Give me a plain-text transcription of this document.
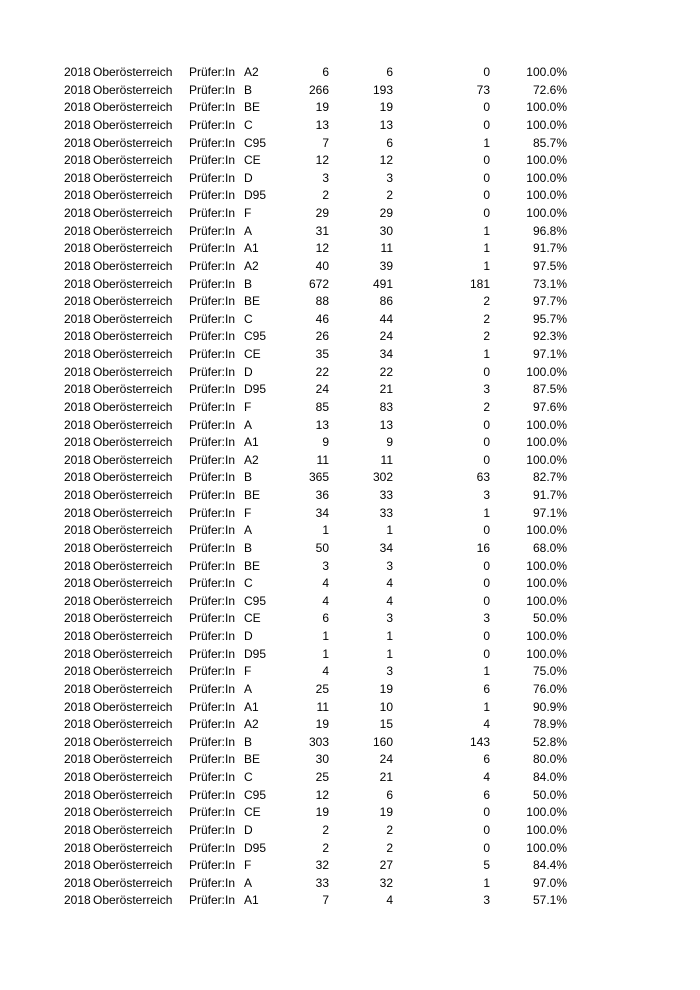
2018 Oberösterreich Prüfer:In A2	6	6	0	100.0%
2018 Oberösterreich Prüfer:In B	266	193	73	72.6%
2018 Oberösterreich Prüfer:In BE	19	19	0	100.0%
2018 Oberösterreich Prüfer:In C	13	13	0	100.0%
2018 Oberösterreich Prüfer:In C95	7	6	1	85.7%
2018 Oberösterreich Prüfer:In CE	12	12	0	100.0%
2018 Oberösterreich Prüfer:In D	3	3	0	100.0%
2018 Oberösterreich Prüfer:In D95	2	2	0	100.0%
2018 Oberösterreich Prüfer:In F	29	29	0	100.0%
2018 Oberösterreich Prüfer:In A	31	30	1	96.8%
2018 Oberösterreich Prüfer:In A1	12	11	1	91.7%
2018 Oberösterreich Prüfer:In A2	40	39	1	97.5%
2018 Oberösterreich Prüfer:In B	672	491	181	73.1%
2018 Oberösterreich Prüfer:In BE	88	86	2	97.7%
2018 Oberösterreich Prüfer:In C	46	44	2	95.7%
2018 Oberösterreich Prüfer:In C95	26	24	2	92.3%
2018 Oberösterreich Prüfer:In CE	35	34	1	97.1%
2018 Oberösterreich Prüfer:In D	22	22	0	100.0%
2018 Oberösterreich Prüfer:In D95	24	21	3	87.5%
2018 Oberösterreich Prüfer:In F	85	83	2	97.6%
2018 Oberösterreich Prüfer:In A	13	13	0	100.0%
2018 Oberösterreich Prüfer:In A1	9	9	0	100.0%
2018 Oberösterreich Prüfer:In A2	11	11	0	100.0%
2018 Oberösterreich Prüfer:In B	365	302	63	82.7%
2018 Oberösterreich Prüfer:In BE	36	33	3	91.7%
2018 Oberösterreich Prüfer:In F	34	33	1	97.1%
2018 Oberösterreich Prüfer:In A	1	1	0	100.0%
2018 Oberösterreich Prüfer:In B	50	34	16	68.0%
2018 Oberösterreich Prüfer:In BE	3	3	0	100.0%
2018 Oberösterreich Prüfer:In C	4	4	0	100.0%
2018 Oberösterreich Prüfer:In C95	4	4	0	100.0%
2018 Oberösterreich Prüfer:In CE	6	3	3	50.0%
2018 Oberösterreich Prüfer:In D	1	1	0	100.0%
2018 Oberösterreich Prüfer:In D95	1	1	0	100.0%
2018 Oberösterreich Prüfer:In F	4	3	1	75.0%
2018 Oberösterreich Prüfer:In A	25	19	6	76.0%
2018 Oberösterreich Prüfer:In A1	11	10	1	90.9%
2018 Oberösterreich Prüfer:In A2	19	15	4	78.9%
2018 Oberösterreich Prüfer:In B	303	160	143	52.8%
2018 Oberösterreich Prüfer:In BE	30	24	6	80.0%
2018 Oberösterreich Prüfer:In C	25	21	4	84.0%
2018 Oberösterreich Prüfer:In C95	12	6	6	50.0%
2018 Oberösterreich Prüfer:In CE	19	19	0	100.0%
2018 Oberösterreich Prüfer:In D	2	2	0	100.0%
2018 Oberösterreich Prüfer:In D95	2	2	0	100.0%
2018 Oberösterreich Prüfer:In F	32	27	5	84.4%
2018 Oberösterreich Prüfer:In A	33	32	1	97.0%
2018 Oberösterreich Prüfer:In A1	7	4	3	57.1%
